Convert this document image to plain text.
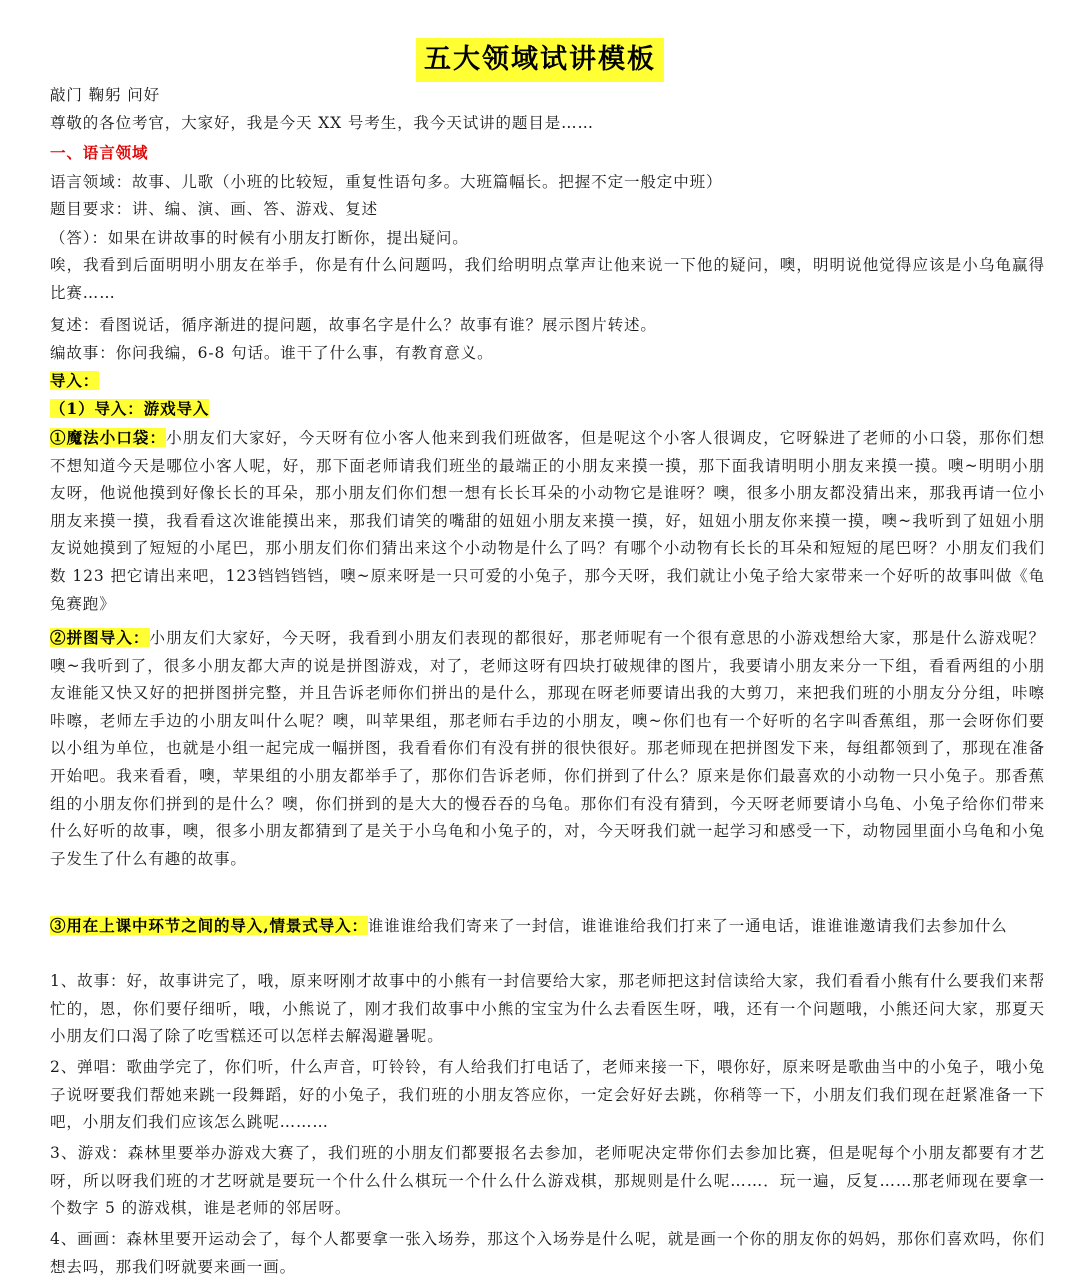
五大领域试讲模板
敲门 鞠躬 问好
尊敬的各位考官，大家好，我是今天 XX 号考生，我今天试讲的题目是……
一、语言领域
语言领域：故事、儿歌（小班的比较短，重复性语句多。大班篇幅长。把握不定一般定中班）
题目要求：讲、编、演、画、答、游戏、复述
（答）：如果在讲故事的时候有小朋友打断你，提出疑问。
唉，我看到后面明明小朋友在举手，你是有什么问题吗，我们给明明点掌声让他来说一下他的疑问，噢，明明说他觉得应该是小乌龟赢得比赛……
复述：看图说话，循序渐进的提问题，故事名字是什么？故事有谁？展示图片转述。
编故事：你问我编，6-8 句话。谁干了什么事，有教育意义。
导入：
（1）导入：游戏导入
①魔法小口袋：小朋友们大家好，今天呀有位小客人他来到我们班做客，但是呢这个小客人很调皮，它呀躲进了老师的小口袋，那你们想不想知道今天是哪位小客人呢，好，那下面老师请我们班坐的最端正的小朋友来摸一摸，那下面我请明明小朋友来摸一摸。噢~明明小朋友呀，他说他摸到好像长长的耳朵，那小朋友们你们想一想有长长耳朵的小动物它是谁呀？噢，很多小朋友都没猜出来，那我再请一位小朋友来摸一摸，我看看这次谁能摸出来，那我们请笑的嘴甜的妞妞小朋友来摸一摸，好，妞妞小朋友你来摸一摸，噢~我听到了妞妞小朋友说她摸到了短短的小尾巴，那小朋友们你们猜出来这个小动物是什么了吗？有哪个小动物有长长的耳朵和短短的尾巴呀？小朋友们我们数 123 把它请出来吧，123铛铛铛铛，噢~原来呀是一只可爱的小兔子，那今天呀，我们就让小兔子给大家带来一个好听的故事叫做《龟兔赛跑》
②拼图导入：小朋友们大家好，今天呀，我看到小朋友们表现的都很好，那老师呢有一个很有意思的小游戏想给大家，那是什么游戏呢？噢~我听到了，很多小朋友都大声的说是拼图游戏，对了，老师这呀有四块打破规律的图片，我要请小朋友来分一下组，看看两组的小朋友谁能又快又好的把拼图拼完整，并且告诉老师你们拼出的是什么，那现在呀老师要请出我的大剪刀，来把我们班的小朋友分分组，咔嚓咔嚓，老师左手边的小朋友叫什么呢？噢，叫苹果组，那老师右手边的小朋友，噢~你们也有一个好听的名字叫香蕉组，那一会呀你们要以小组为单位，也就是小组一起完成一幅拼图，我看看你们有没有拼的很快很好。那老师现在把拼图发下来，每组都领到了，那现在准备开始吧。我来看看，噢，苹果组的小朋友都举手了，那你们告诉老师，你们拼到了什么？原来是你们最喜欢的小动物一只小兔子。那香蕉组的小朋友你们拼到的是什么？噢，你们拼到的是大大的慢吞吞的乌龟。那你们有没有猜到，今天呀老师要请小乌龟、小兔子给你们带来什么好听的故事，噢，很多小朋友都猜到了是关于小乌龟和小兔子的，对，今天呀我们就一起学习和感受一下，动物园里面小乌龟和小兔子发生了什么有趣的故事。
③用在上课中环节之间的导入,情景式导入：谁谁谁给我们寄来了一封信，谁谁谁给我们打来了一通电话，谁谁谁邀请我们去参加什么
1、故事：好，故事讲完了，哦，原来呀刚才故事中的小熊有一封信要给大家，那老师把这封信读给大家，我们看看小熊有什么要我们来帮忙的，恩，你们要仔细听，哦，小熊说了，刚才我们故事中小熊的宝宝为什么去看医生呀，哦，还有一个问题哦，小熊还问大家，那夏天小朋友们口渴了除了吃雪糕还可以怎样去解渴避暑呢。
2、弹唱：歌曲学完了，你们听，什么声音，叮铃铃，有人给我们打电话了，老师来接一下，喂你好，原来呀是歌曲当中的小兔子，哦小兔子说呀要我们帮她来跳一段舞蹈，好的小兔子，我们班的小朋友答应你，一定会好好去跳，你稍等一下，小朋友们我们现在赶紧准备一下吧，小朋友们我们应该怎么跳呢………
3、游戏：森林里要举办游戏大赛了，我们班的小朋友们都要报名去参加，老师呢决定带你们去参加比赛，但是呢每个小朋友都要有才艺呀，所以呀我们班的才艺呀就是要玩一个什么什么棋玩一个什么什么游戏棋，那规则是什么呢……．玩一遍，反复……那老师现在要拿一个数字 5 的游戏棋，谁是老师的邻居呀。
4、画画：森林里要开运动会了，每个人都要拿一张入场券，那这个入场券是什么呢，就是画一个你的朋友你的妈妈，那你们喜欢吗，你们想去吗，那我们呀就要来画一画。
